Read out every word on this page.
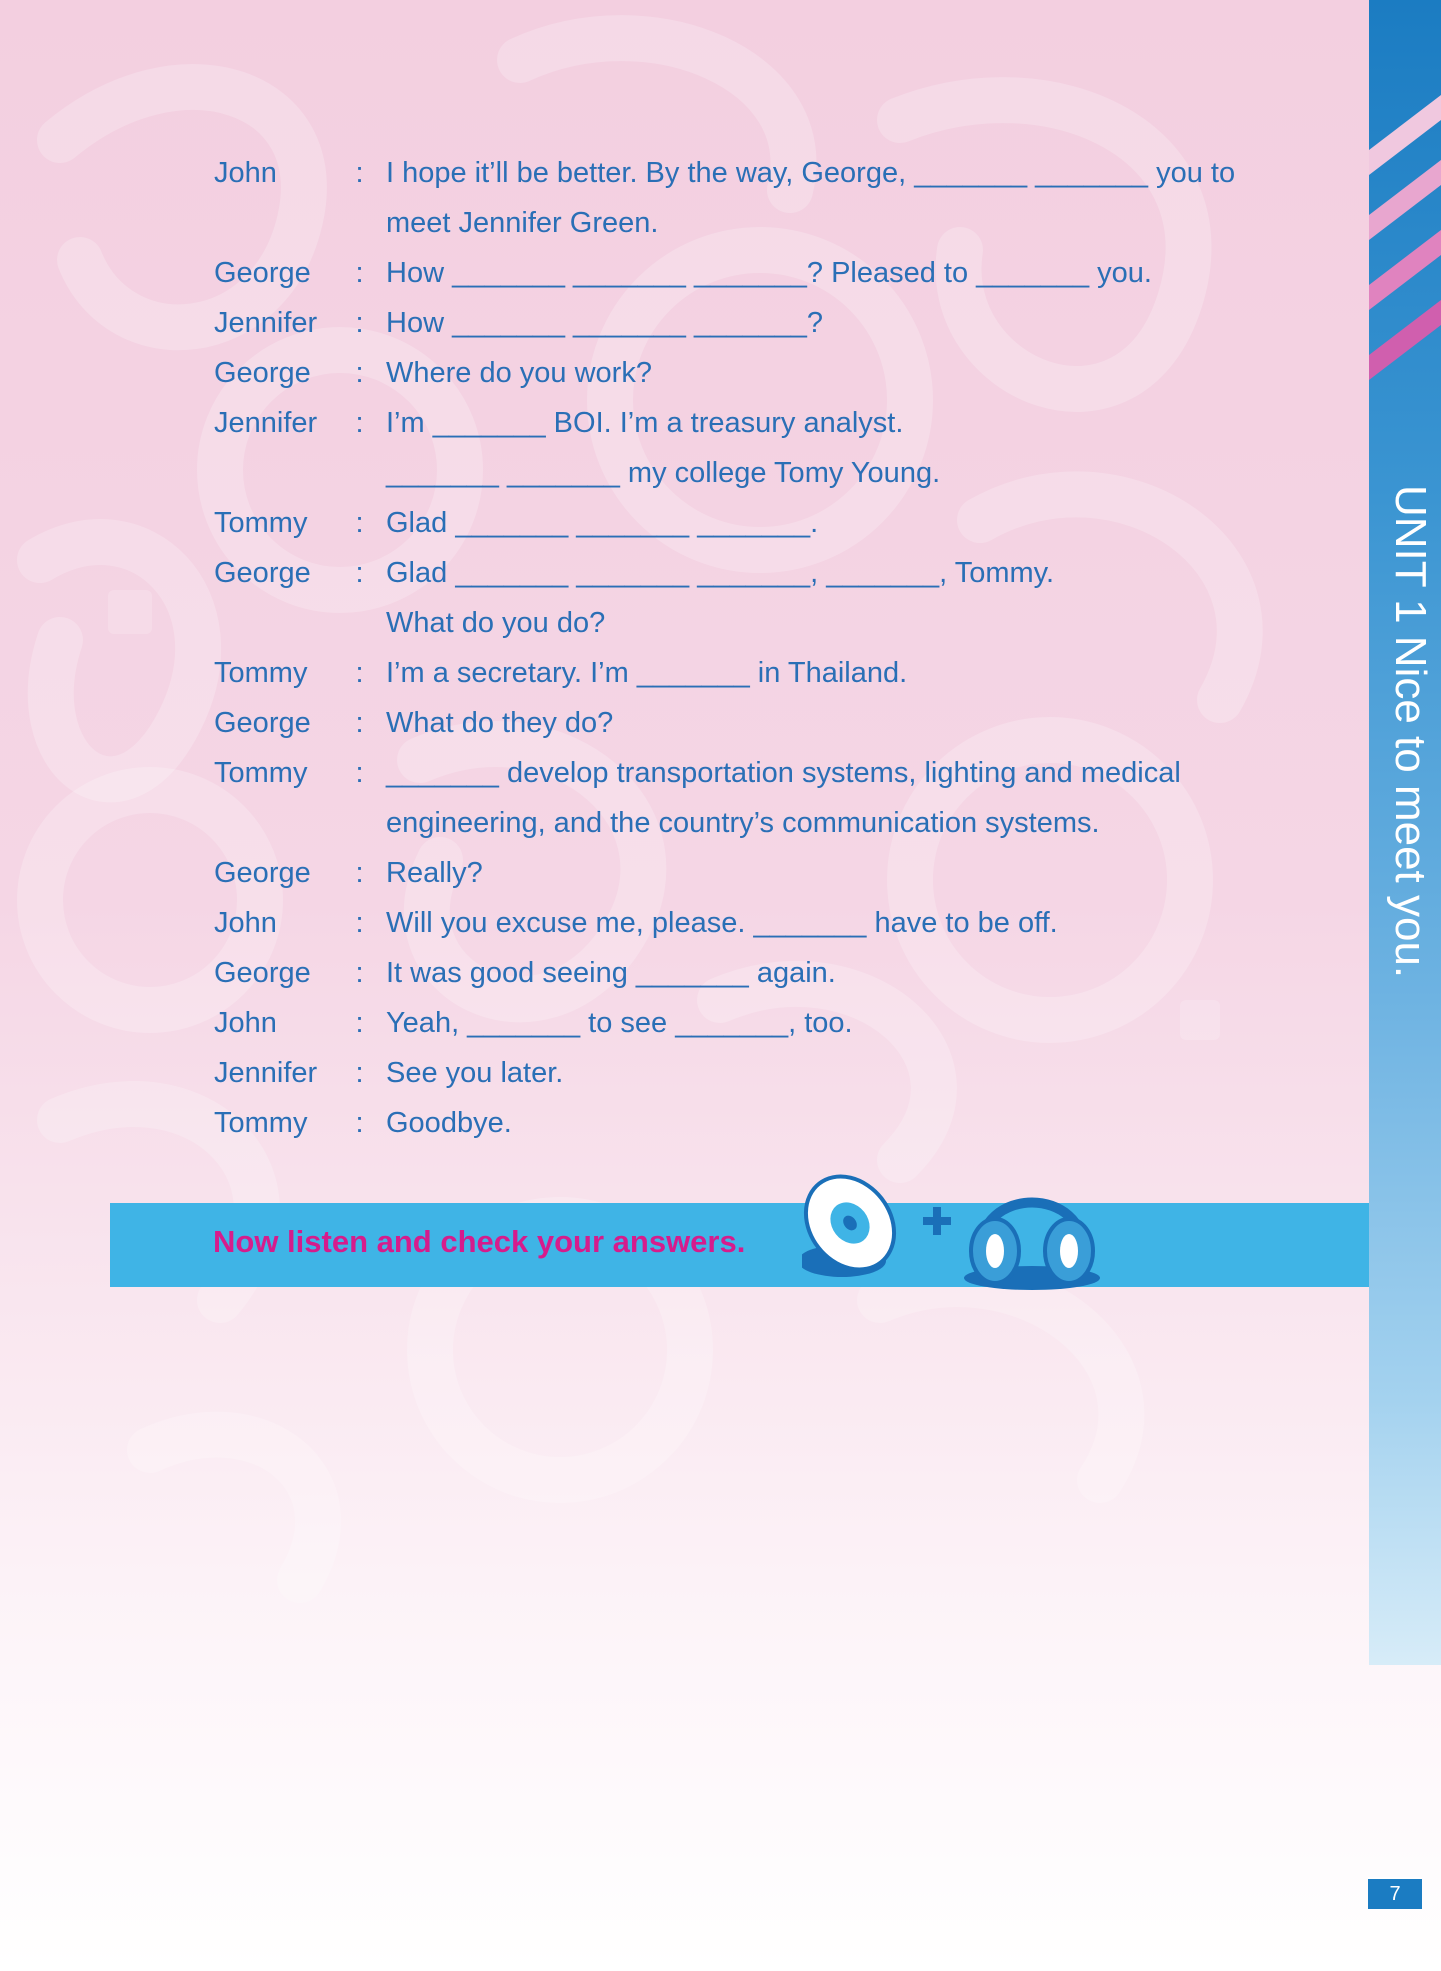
John	: I hope it’ll be better. By the way, George, _______ _______ you to
meet Jennifer Green.
George	: How _______ _______ _______? Pleased to _______ you.
Jennifer	: How _______ _______ _______?
George	: Where do you work?
Jennifer	: I’m _______ BOI. I’m a treasury analyst.
_______ _______ my college Tomy Young.
Tommy	: Glad _______ _______ _______.
George	: Glad _______ _______ _______, _______, Tommy.
What do you do?
Tommy	: I’m a secretary. I’m _______ in Thailand.
George	: What do they do?
Tommy	: _______ develop transportation systems, lighting and medical
engineering, and the country’s communication systems.
George	: Really?
John	: Will you excuse me, please. _______ have to be off.
George	: It was good seeing _______ again.
John	: Yeah, _______ to see _______, too.
Jennifer	: See you later.
Tommy	: Goodbye.
Now listen and check your answers.
UNIT 1 Nice to meet you.
7
